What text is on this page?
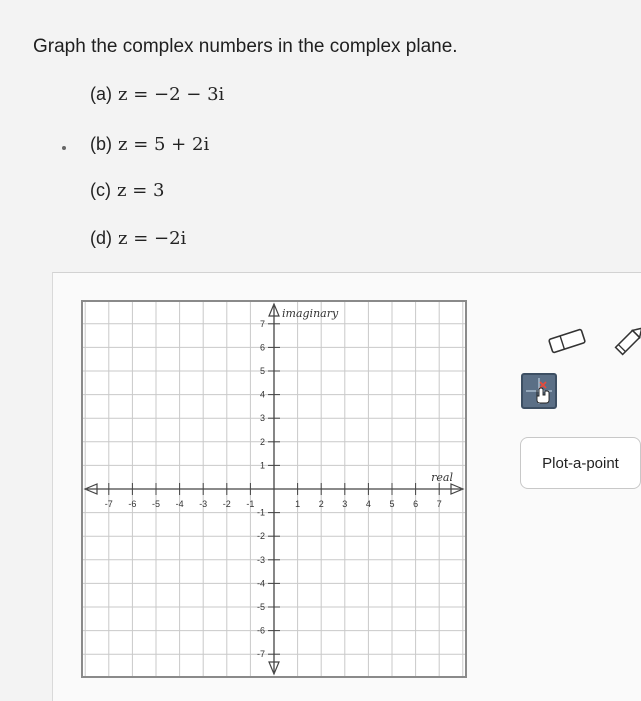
Graph the complex numbers in the complex plane.
(a) z = −2 − 3i
(b) z = 5 + 2i
(c) z = 3
(d) z = −2i
-7 -6 -5 -4 -3 -2 -1	1 2 3 4 5 6 7
7
6
5
4
3
2
1
-1
-2
-3
-4
-5
-6
-7
imaginary
real
Plot-a-point
